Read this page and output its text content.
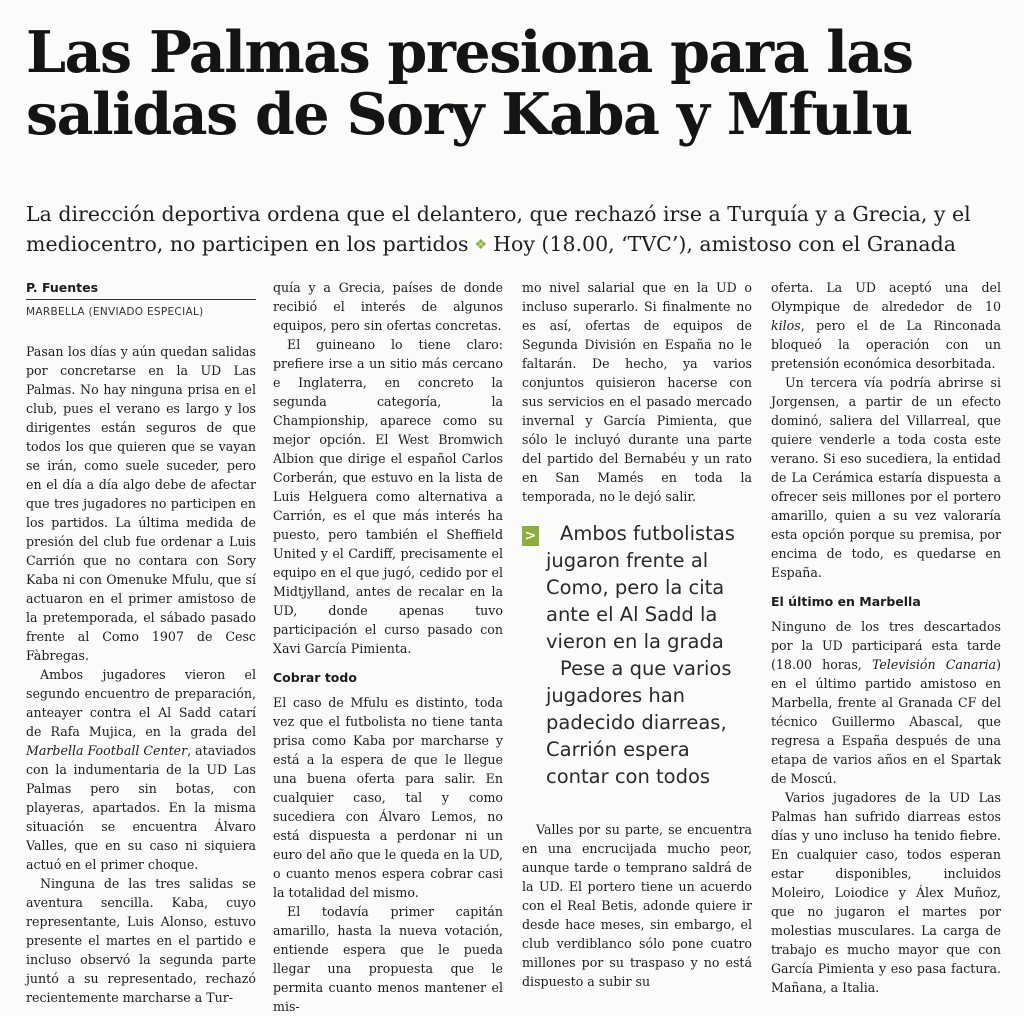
Las Palmas presiona para las salidas de Sory Kaba y Mfulu

La dirección deportiva ordena que el delantero, que rechazó irse a Turquía y a Grecia, y el mediocentro, no participen en los partidos ❖ Hoy (18.00, ‘TVC’), amistoso con el Granada

P. Fuentes
MARBELLA (ENVIADO ESPECIAL)

Pasan los días y aún quedan salidas por concretarse en la UD Las Palmas. No hay ninguna prisa en el club, pues el verano es largo y los dirigentes están seguros de que todos los que quieren que se vayan se irán, como suele suceder, pero en el día a día algo debe de afectar que tres jugadores no participen en los partidos. La última medida de presión del club fue ordenar a Luis Carrión que no contara con Sory Kaba ni con Omenuke Mfulu, que sí actuaron en el primer amistoso de la pretemporada, el sábado pasado frente al Como 1907 de Cesc Fàbregas.

Ambos jugadores vieron el segundo encuentro de preparación, anteayer contra el Al Sadd catarí de Rafa Mujica, en la grada del Marbella Football Center, ataviados con la indumentaria de la UD Las Palmas pero sin botas, con playeras, apartados. En la misma situación se encuentra Álvaro Valles, que en su caso ni siquiera actuó en el primer choque.

Ninguna de las tres salidas se aventura sencilla. Kaba, cuyo representante, Luis Alonso, estuvo presente el martes en el partido e incluso observó la segunda parte juntó a su representado, rechazó recientemente marcharse a Tur-

quía y a Grecia, países de donde recibió el interés de algunos equipos, pero sin ofertas concretas.

El guineano lo tiene claro: prefiere irse a un sitio más cercano e Inglaterra, en concreto la segunda categoría, la Championship, aparece como su mejor opción. El West Bromwich Albion que dirige el español Carlos Corberán, que estuvo en la lista de Luis Helguera como alternativa a Carrión, es el que más interés ha puesto, pero también el Sheffield United y el Cardiff, precisamente el equipo en el que jugó, cedido por el Midtjylland, antes de recalar en la UD, donde apenas tuvo participación el curso pasado con Xavi García Pimienta.

Cobrar todo

El caso de Mfulu es distinto, toda vez que el futbolista no tiene tanta prisa como Kaba por marcharse y está a la espera de que le llegue una buena oferta para salir. En cualquier caso, tal y como sucediera con Álvaro Lemos, no está dispuesta a perdonar ni un euro del año que le queda en la UD, o cuanto menos espera cobrar casi la totalidad del mismo.

El todavía primer capitán amarillo, hasta la nueva votación, entiende espera que le pueda llegar una propuesta que le permita cuanto menos mantener el mis-

mo nivel salarial que en la UD o incluso superarlo. Si finalmente no es así, ofertas de equipos de Segunda División en España no le faltarán. De hecho, ya varios conjuntos quisieron hacerse con sus servicios en el pasado mercado invernal y García Pimienta, que sólo le incluyó durante una parte del partido del Bernabéu y un rato en San Mamés en toda la temporada, no le dejó salir.

>	Ambos futbolistas jugaron frente al Como, pero la cita ante el Al Sadd la vieron en la grada

Pese a que varios jugadores han padecido diarreas, Carrión espera contar con todos

Valles por su parte, se encuentra en una encrucijada mucho peor, aunque tarde o temprano saldrá de la UD. El portero tiene un acuerdo con el Real Betis, adonde quiere ir desde hace meses, sin embargo, el club verdiblanco sólo pone cuatro millones por su traspaso y no está dispuesto a subir su

oferta. La UD aceptó una del Olympique de alrededor de 10 kilos, pero el de La Rinconada bloqueó la operación con un pretensión económica desorbitada.

Un tercera vía podría abrirse si Jorgensen, a partir de un efecto dominó, saliera del Villarreal, que quiere venderle a toda costa este verano. Si eso sucediera, la entidad de La Cerámica estaría dispuesta a ofrecer seis millones por el portero amarillo, quien a su vez valoraría esta opción porque su premisa, por encima de todo, es quedarse en España.

El último en Marbella

Ninguno de los tres descartados por la UD participará esta tarde (18.00 horas, Televisión Canaria) en el último partido amistoso en Marbella, frente al Granada CF del técnico Guillermo Abascal, que regresa a España después de una etapa de varios años en el Spartak de Moscú.

Varios jugadores de la UD Las Palmas han sufrido diarreas estos días y uno incluso ha tenido fiebre. En cualquier caso, todos esperan estar disponibles, incluidos Moleiro, Loiodice y Álex Muñoz, que no jugaron el martes por molestias musculares. La carga de trabajo es mucho mayor que con García Pimienta y eso pasa factura. Mañana, a Italia.
